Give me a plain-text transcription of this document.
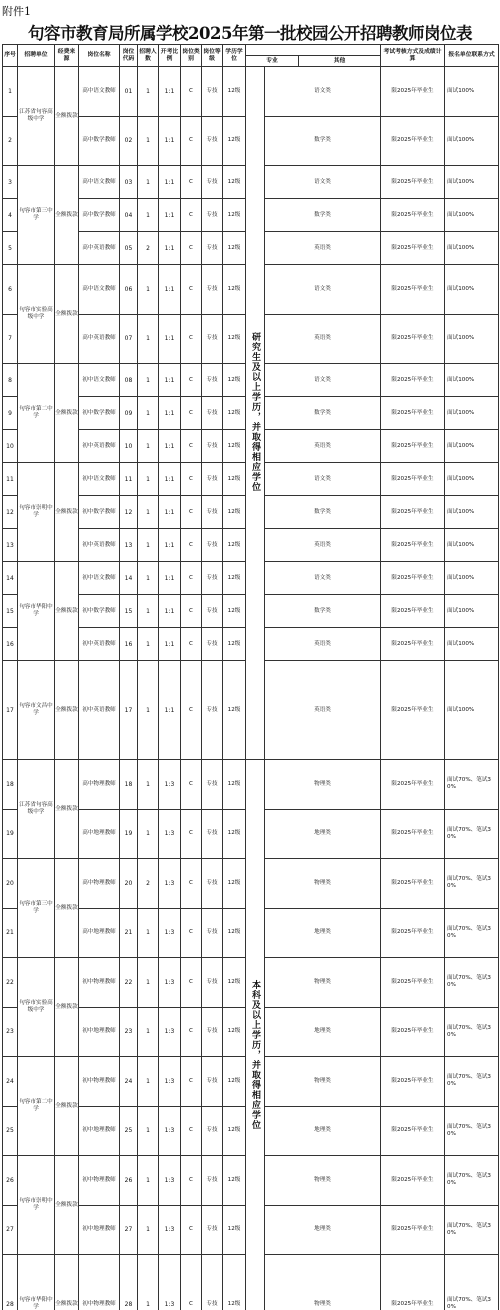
附件1
句容市教育局所属学校2025年第一批校园公开招聘教师岗位表
序号	招聘单位	经费来源	岗位名称	岗位代码	招聘人数	开考比例	岗位类别	岗位等级	学历学位				考试考核方式及成绩计算	报名单位联系方式	
										专业		其他			
1	江苏省句容高级中学	全额拨款	高中语文教师	01	1	1:1	C	专技	12级	研究生及以上学历，并取得相应学位	语文类		限2025年毕业生	面试100%	
2			高中数学教师	02	1	1:1	C	专技	12级		数学类		限2025年毕业生	面试100%	
3	句容市第三中学	全额拨款	高中语文教师	03	1	1:1	C	专技	12级		语文类		限2025年毕业生	面试100%	
4			高中数学教师	04	1	1:1	C	专技	12级		数学类		限2025年毕业生	面试100%	
5			高中英语教师	05	2	1:1	C	专技	12级		英语类		限2025年毕业生	面试100%	
6	句容市实验高级中学	全额拨款	高中语文教师	06	1	1:1	C	专技	12级		语文类		限2025年毕业生	面试100%	
7			高中英语教师	07	1	1:1	C	专技	12级		英语类		限2025年毕业生	面试100%	
8	句容市第二中学	全额拨款	初中语文教师	08	1	1:1	C	专技	12级		语文类		限2025年毕业生	面试100%	
9			初中数学教师	09	1	1:1	C	专技	12级		数学类		限2025年毕业生	面试100%	
10			初中英语教师	10	1	1:1	C	专技	12级		英语类		限2025年毕业生	面试100%	
11	句容市崇明中学	全额拨款	初中语文教师	11	1	1:1	C	专技	12级		语文类		限2025年毕业生	面试100%	
12			初中数学教师	12	1	1:1	C	专技	12级		数学类		限2025年毕业生	面试100%	
13			初中英语教师	13	1	1:1	C	专技	12级		英语类		限2025年毕业生	面试100%	
14	句容市华阳中学	全额拨款	初中语文教师	14	1	1:1	C	专技	12级		语文类		限2025年毕业生	面试100%	
15			初中数学教师	15	1	1:1	C	专技	12级		数学类		限2025年毕业生	面试100%	
16			初中英语教师	16	1	1:1	C	专技	12级		英语类		限2025年毕业生	面试100%	
17	句容市文昌中学	全额拨款	初中英语教师	17	1	1:1	C	专技	12级		英语类		限2025年毕业生	面试100%	
18	江苏省句容高级中学	全额拨款	高中物理教师	18	1	1:3	C	专技	12级	本科及以上学历，并取得相应学位	物理类		限2025年毕业生	面试70%、笔试30%	
19			高中地理教师	19	1	1:3	C	专技	12级		地理类		限2025年毕业生	面试70%、笔试30%	
20	句容市第三中学	全额拨款	高中物理教师	20	2	1:3	C	专技	12级		物理类		限2025年毕业生	面试70%、笔试30%	
21			高中地理教师	21	1	1:3	C	专技	12级		地理类		限2025年毕业生	面试70%、笔试30%	
22	句容市实验高级中学	全额拨款	初中物理教师	22	1	1:3	C	专技	12级		物理类		限2025年毕业生	面试70%、笔试30%	
23			初中地理教师	23	1	1:3	C	专技	12级		地理类		限2025年毕业生	面试70%、笔试30%	
24	句容市第二中学	全额拨款	初中物理教师	24	1	1:3	C	专技	12级		物理类		限2025年毕业生	面试70%、笔试30%	
25			初中地理教师	25	1	1:3	C	专技	12级		地理类		限2025年毕业生	面试70%、笔试30%	
26	句容市崇明中学	全额拨款	初中物理教师	26	1	1:3	C	专技	12级		物理类		限2025年毕业生	面试70%、笔试30%	
27			初中地理教师	27	1	1:3	C	专技	12级		地理类		限2025年毕业生	面试70%、笔试30%	
28	句容市华阳中学	全额拨款	初中物理教师	28	1	1:3	C	专技	12级		物理类		限2025年毕业生	面试70%、笔试30%	
